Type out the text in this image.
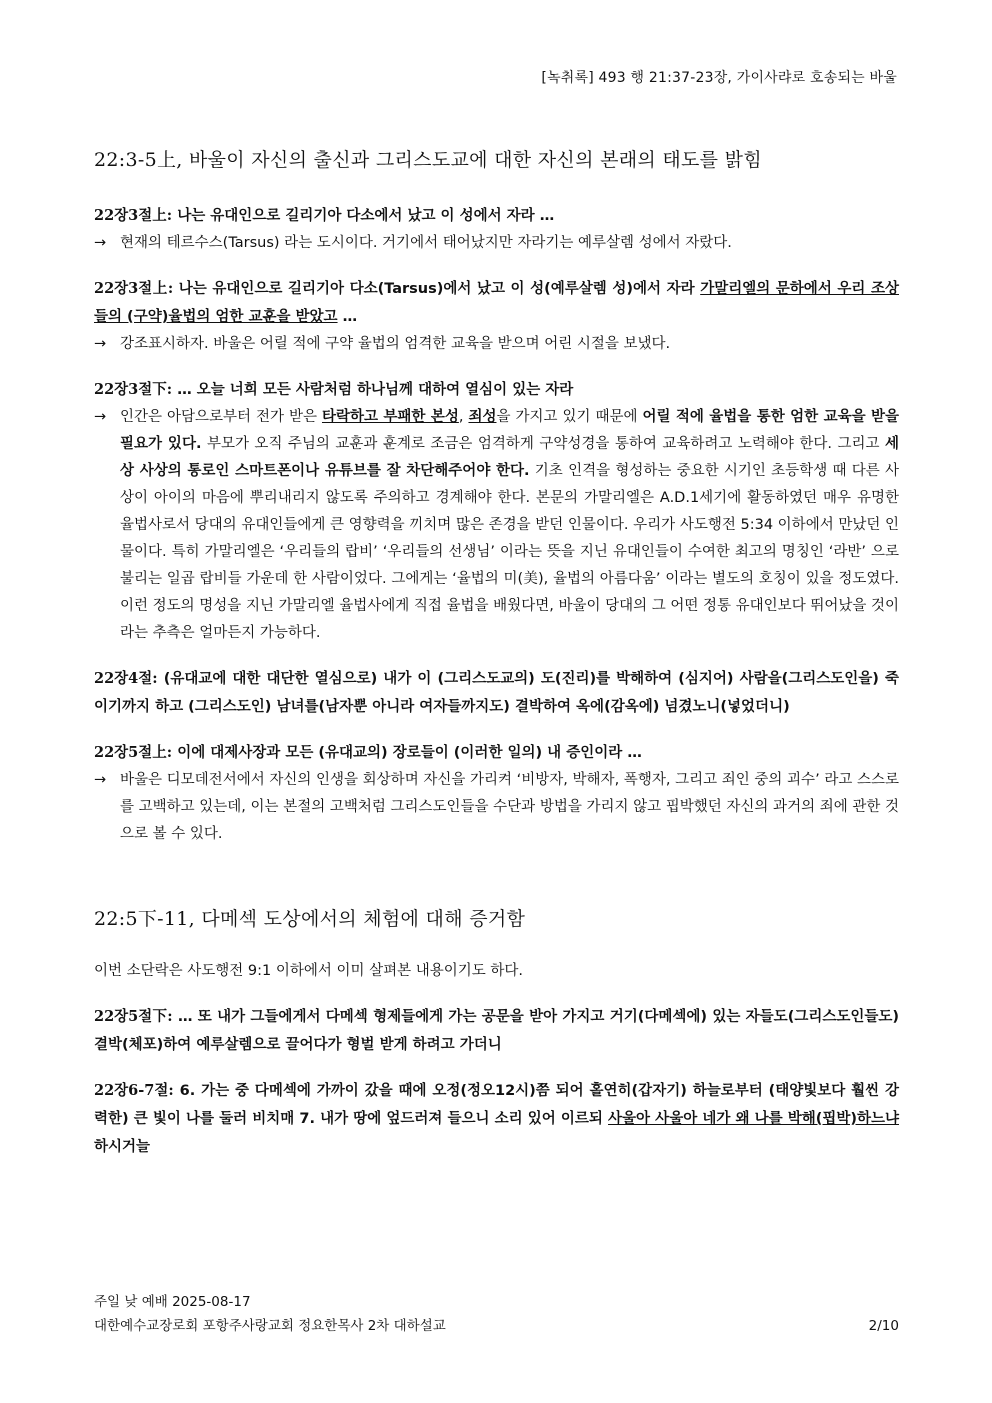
[녹취록] 493 행 21:37-23장, 가이사랴로 호송되는 바울
22:3-5上, 바울이 자신의 출신과 그리스도교에 대한 자신의 본래의 태도를 밝힘

22장3절上: 나는 유대인으로 길리기아 다소에서 났고 이 성에서 자라 …

→ 현재의 테르수스(Tarsus) 라는 도시이다. 거기에서 태어났지만 자라기는 예루살렘 성에서 자랐다.

22장3절上: 나는 유대인으로 길리기아 다소(Tarsus)에서 났고 이 성(예루살렘 성)에서 자라 가말리엘의 문하에서 우리 조상들의 (구약)율법의 엄한 교훈을 받았고 …

→ 강조표시하자. 바울은 어릴 적에 구약 율법의 엄격한 교육을 받으며 어린 시절을 보냈다.

22장3절下: … 오늘 너희 모든 사람처럼 하나님께 대하여 열심이 있는 자라

→ 인간은 아담으로부터 전가 받은 타락하고 부패한 본성, 죄성을 가지고 있기 때문에 어릴 적에 율법을 통한 엄한 교육을 받을 필요가 있다. 부모가 오직 주님의 교훈과 훈계로 조금은 엄격하게 구약성경을 통하여 교육하려고 노력해야 한다. 그리고 세상 사상의 통로인 스마트폰이나 유튜브를 잘 차단해주어야 한다. 기초 인격을 형성하는 중요한 시기인 초등학생 때 다른 사상이 아이의 마음에 뿌리내리지 않도록 주의하고 경계해야 한다. 본문의 가말리엘은 A.D.1세기에 활동하였던 매우 유명한 율법사로서 당대의 유대인들에게 큰 영향력을 끼치며 많은 존경을 받던 인물이다. 우리가 사도행전 5:34 이하에서 만났던 인물이다. 특히 가말리엘은 ‘우리들의 랍비’ ‘우리들의 선생님’ 이라는 뜻을 지닌 유대인들이 수여한 최고의 명칭인 ‘라반’ 으로 불리는 일곱 랍비들 가운데 한 사람이었다. 그에게는 ‘율법의 미(美), 율법의 아름다움’ 이라는 별도의 호칭이 있을 정도였다. 이런 정도의 명성을 지닌 가말리엘 율법사에게 직접 율법을 배웠다면, 바울이 당대의 그 어떤 정통 유대인보다 뛰어났을 것이라는 추측은 얼마든지 가능하다.

22장4절: (유대교에 대한 대단한 열심으로) 내가 이 (그리스도교의) 도(진리)를 박해하여 (심지어) 사람을(그리스도인을) 죽이기까지 하고 (그리스도인) 남녀를(남자뿐 아니라 여자들까지도) 결박하여 옥에(감옥에) 넘겼노니(넣었더니)

22장5절上: 이에 대제사장과 모든 (유대교의) 장로들이 (이러한 일의) 내 증인이라 …

→ 바울은 디모데전서에서 자신의 인생을 회상하며 자신을 가리켜 ‘비방자, 박해자, 폭행자, 그리고 죄인 중의 괴수’ 라고 스스로를 고백하고 있는데, 이는 본절의 고백처럼 그리스도인들을 수단과 방법을 가리지 않고 핍박했던 자신의 과거의 죄에 관한 것으로 볼 수 있다.
22:5下-11, 다메섹 도상에서의 체험에 대해 증거함

이번 소단락은 사도행전 9:1 이하에서 이미 살펴본 내용이기도 하다.

22장5절下: … 또 내가 그들에게서 다메섹 형제들에게 가는 공문을 받아 가지고 거기(다메섹에) 있는 자들도(그리스도인들도) 결박(체포)하여 예루살렘으로 끌어다가 형벌 받게 하려고 가더니

22장6-7절: 6. 가는 중 다메섹에 가까이 갔을 때에 오정(정오12시)쯤 되어 홀연히(갑자기) 하늘로부터 (태양빛보다 훨씬 강력한) 큰 빛이 나를 둘러 비치매 7. 내가 땅에 엎드러져 들으니 소리 있어 이르되 사울아 사울아 네가 왜 나를 박해(핍박)하느냐 하시거늘

주일 낮 예배 2025-08-17
대한예수교장로회 포항주사랑교회 정요한목사 2차 대하설교	2/10
